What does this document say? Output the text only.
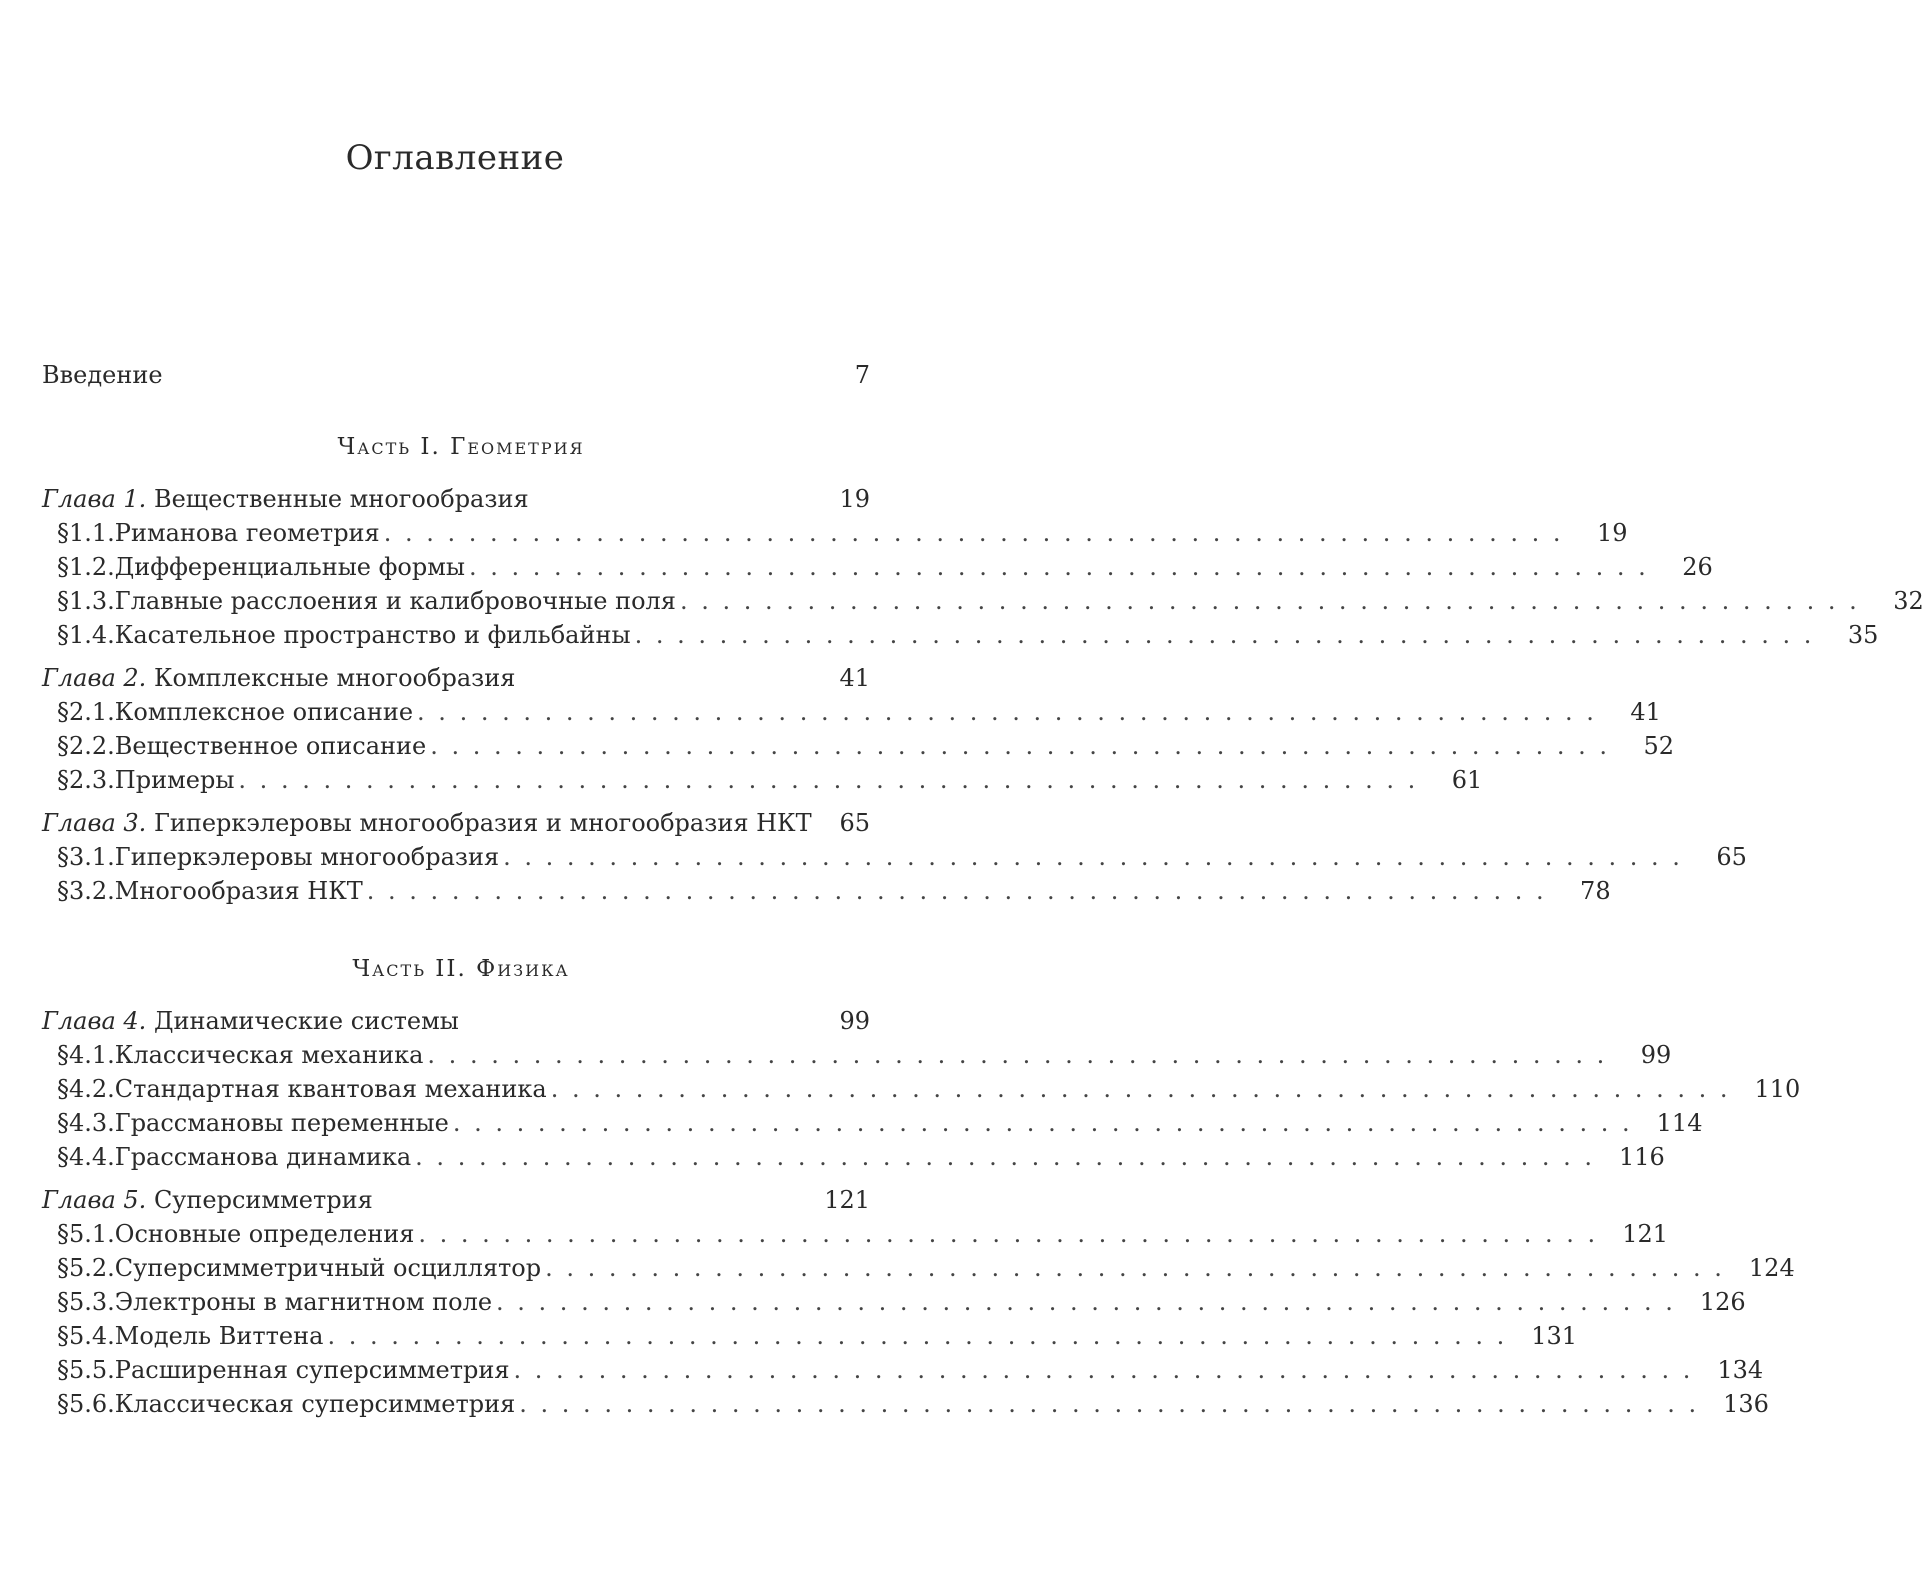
Оглавление
Введение	7
Часть I. Геометрия
Глава 1. Вещественные многообразия	19
§1.1. Риманова геометрия . . . . . . . . . . . . . . . . . . . . . . . . . . . . . . . . . . . . . . . . . . . . . . . . . . . . . . . .	19
§1.2. Дифференциальные формы . . . . . . . . . . . . . . . . . . . . . . . . . . . . . . . . . . . . . . . . . . . . . . . . . . . . . . . .	26
§1.3. Главные расслоения и калибровочные поля . . . . . . . . . . . . . . . . . . . . . . . . . . . . . . . . . . . . . . . . . . . . . . . . . . . . . . . .	32
§1.4. Касательное пространство и фильбайны . . . . . . . . . . . . . . . . . . . . . . . . . . . . . . . . . . . . . . . . . . . . . . . . . . . . . . . .	35
Глава 2. Комплексные многообразия	41
§2.1. Комплексное описание . . . . . . . . . . . . . . . . . . . . . . . . . . . . . . . . . . . . . . . . . . . . . . . . . . . . . . . .	41
§2.2. Вещественное описание . . . . . . . . . . . . . . . . . . . . . . . . . . . . . . . . . . . . . . . . . . . . . . . . . . . . . . . .	52
§2.3. Примеры . . . . . . . . . . . . . . . . . . . . . . . . . . . . . . . . . . . . . . . . . . . . . . . . . . . . . . . .	61
Глава 3. Гиперкэлеровы многообразия и многообразия НКТ	65
§3.1. Гиперкэлеровы многообразия . . . . . . . . . . . . . . . . . . . . . . . . . . . . . . . . . . . . . . . . . . . . . . . . . . . . . . . .	65
§3.2. Многообразия НКТ . . . . . . . . . . . . . . . . . . . . . . . . . . . . . . . . . . . . . . . . . . . . . . . . . . . . . . . .	78
Часть II. Физика
Глава 4. Динамические системы	99
§4.1. Классическая механика . . . . . . . . . . . . . . . . . . . . . . . . . . . . . . . . . . . . . . . . . . . . . . . . . . . . . . . .	99
§4.2. Стандартная квантовая механика . . . . . . . . . . . . . . . . . . . . . . . . . . . . . . . . . . . . . . . . . . . . . . . . . . . . . . . . 110
§4.3. Грассмановы переменные . . . . . . . . . . . . . . . . . . . . . . . . . . . . . . . . . . . . . . . . . . . . . . . . . . . . . . . . 114
§4.4. Грассманова динамика . . . . . . . . . . . . . . . . . . . . . . . . . . . . . . . . . . . . . . . . . . . . . . . . . . . . . . . . 116
Глава 5. Суперсимметрия	121
§5.1. Основные определения . . . . . . . . . . . . . . . . . . . . . . . . . . . . . . . . . . . . . . . . . . . . . . . . . . . . . . . . 121
§5.2. Суперсимметричный осциллятор . . . . . . . . . . . . . . . . . . . . . . . . . . . . . . . . . . . . . . . . . . . . . . . . . . . . . . . . 124
§5.3. Электроны в магнитном поле . . . . . . . . . . . . . . . . . . . . . . . . . . . . . . . . . . . . . . . . . . . . . . . . . . . . . . . . 126
§5.4. Модель Виттена . . . . . . . . . . . . . . . . . . . . . . . . . . . . . . . . . . . . . . . . . . . . . . . . . . . . . . . . 131
§5.5. Расширенная суперсимметрия . . . . . . . . . . . . . . . . . . . . . . . . . . . . . . . . . . . . . . . . . . . . . . . . . . . . . . . . 134
§5.6. Классическая суперсимметрия . . . . . . . . . . . . . . . . . . . . . . . . . . . . . . . . . . . . . . . . . . . . . . . . . . . . . . . . 136
